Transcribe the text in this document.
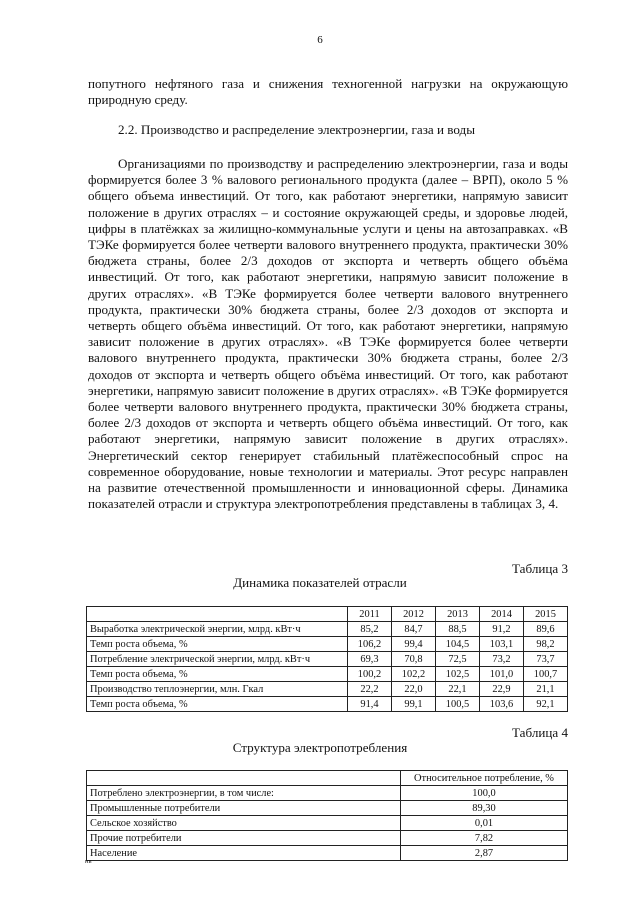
6

попутного нефтяного газа и снижения техногенной нагрузки на окружающую природную среду.

2.2. Производство и распределение электроэнергии, газа и воды

Организациями по производству и распределению электроэнергии, газа и воды формируется более 3 % валового регионального продукта (далее – ВРП), около 5 % общего объема инвестиций. От того, как работают энергетики, напрямую зависит положение в других отраслях – и состояние окружающей среды, и здоровье людей, цифры в платёжках за жилищно-коммунальные услуги и цены на автозаправках. «В ТЭКе формируется более четверти валового внутреннего продукта, практически 30% бюджета страны, более 2/3 доходов от экспорта и четверть общего объёма инвестиций. От того, как работают энергетики, напрямую зависит положение в других отраслях». «В ТЭКе формируется более четверти валового внутреннего продукта, практически 30% бюджета страны, более 2/3 доходов от экспорта и четверть общего объёма инвестиций. От того, как работают энергетики, напрямую зависит положение в других отраслях». «В ТЭКе формируется более четверти валового внутреннего продукта, практически 30% бюджета страны, более 2/3 доходов от экспорта и четверть общего объёма инвестиций. От того, как работают энергетики, напрямую зависит положение в других отраслях». «В ТЭКе формируется более четверти валового внутреннего продукта, практически 30% бюджета страны, более 2/3 доходов от экспорта и четверть общего объёма инвестиций. От того, как работают энергетики, напрямую зависит положение в других отраслях». Энергетический сектор генерирует стабильный платёжеспособный спрос на современное оборудование, новые технологии и материалы. Этот ресурс направлен на развитие отечественной промышленности и инновационной сферы. Динамика показателей отрасли и структура электропотребления представлены в таблицах 3, 4.

Таблица 3
Динамика показателей отрасли
	2011	2012	2013	2014	2015
Выработка электрической энергии, млрд. кВт·ч	85,2	84,7	88,5	91,2	89,6
Темп роста объема, %	106,2	99,4	104,5	103,1	98,2
Потребление электрической энергии, млрд. кВт·ч	69,3	70,8	72,5	73,2	73,7
Темп роста объема, %	100,2	102,2	102,5	101,0	100,7
Производство теплоэнергии, млн. Гкал	22,2	22,0	22,1	22,9	21,1
Темп роста объема, %	91,4	99,1	100,5	103,6	92,1
Таблица 4
Структура электропотребления
	Относительное потребление, %
Потреблено электроэнергии, в том числе:	100,0
Промышленные потребители	89,30
Сельское хозяйство	0,01
Прочие потребители	7,82
Население	2,87
нв
